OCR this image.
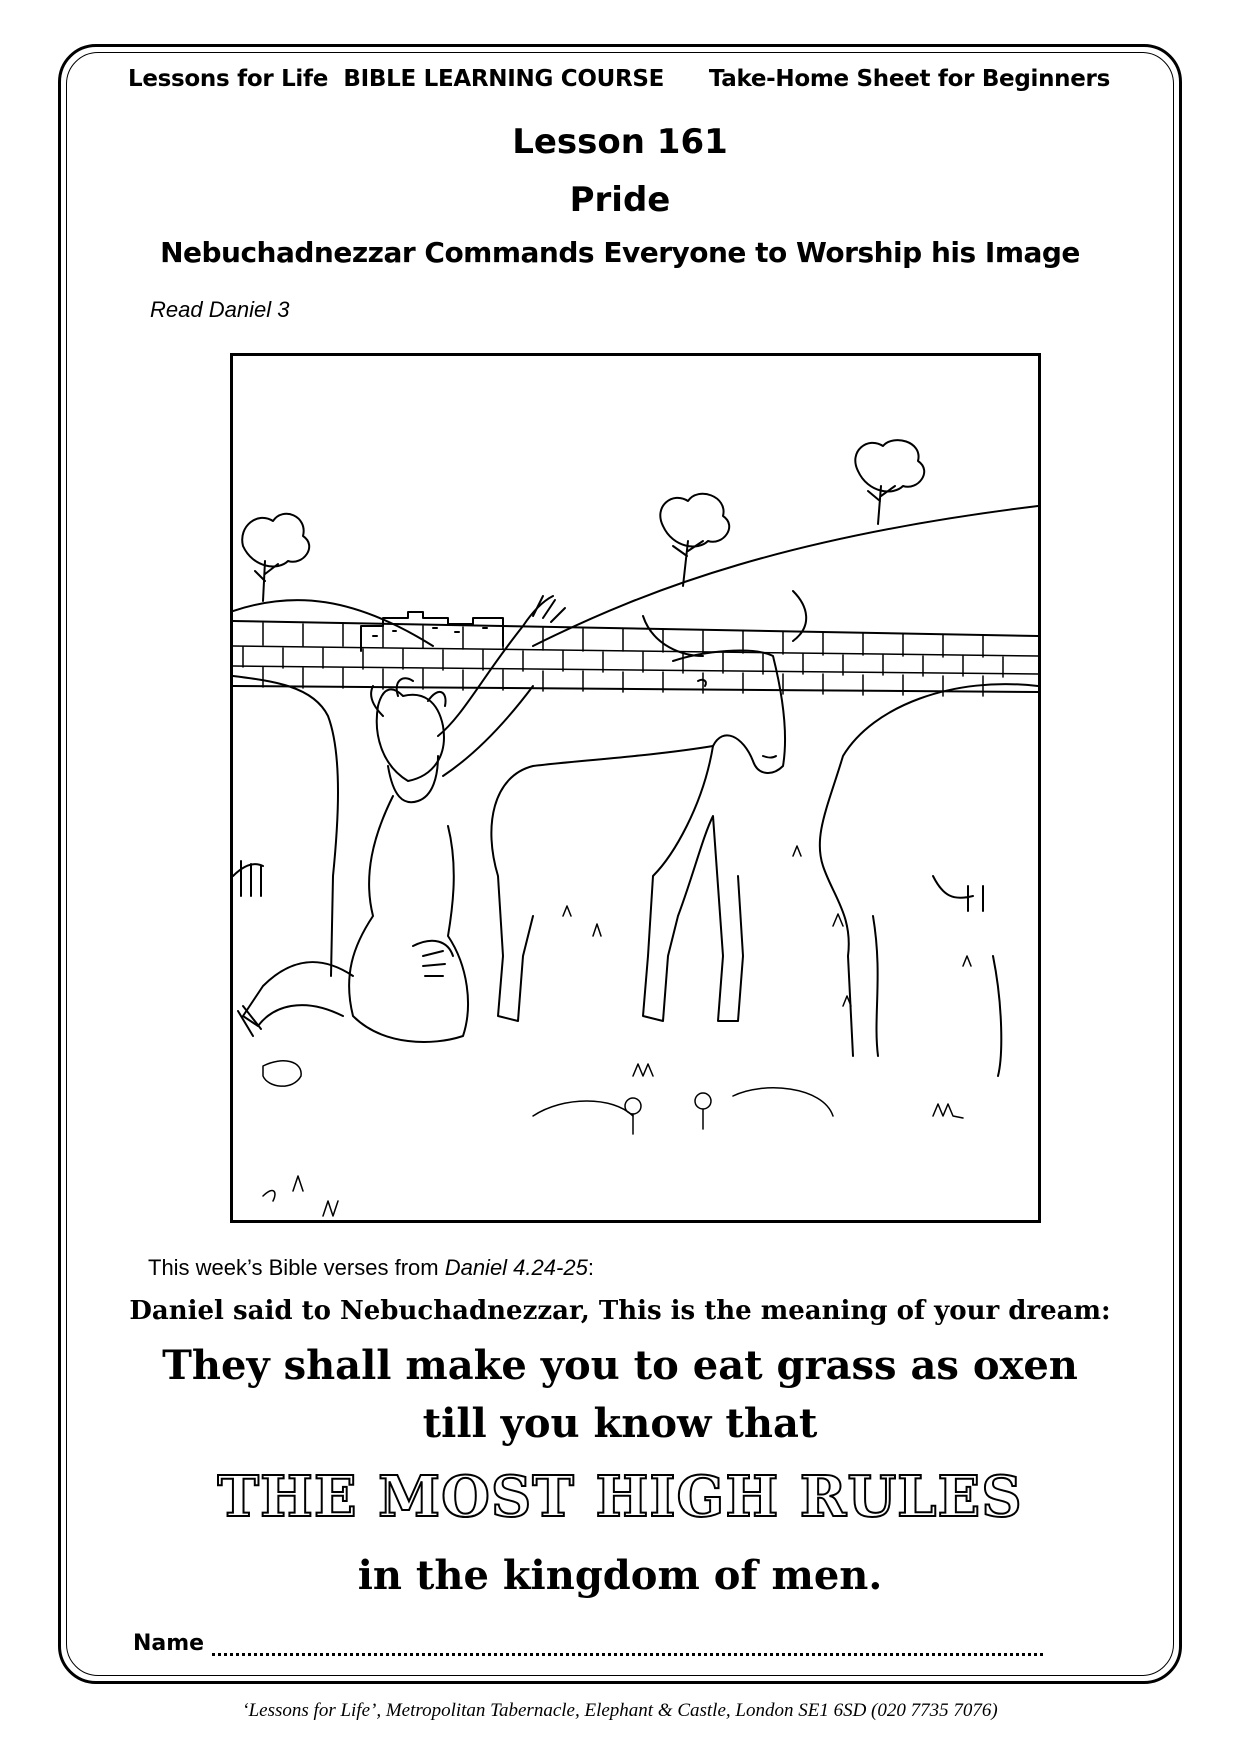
Lessons for Life  BIBLE LEARNING COURSE Take-Home Sheet for Beginners
Lesson 161
Pride
Nebuchadnezzar Commands Everyone to Worship his Image
Read Daniel 3
This week’s Bible verses from Daniel 4.24-25:
Daniel said to Nebuchadnezzar, This is the meaning of your dream:
They shall make you to eat grass as oxen
till you know that
THE MOST HIGH RULES
in the kingdom of men.
Name
‘Lessons for Life’, Metropolitan Tabernacle, Elephant & Castle, London SE1 6SD (020 7735 7076)
